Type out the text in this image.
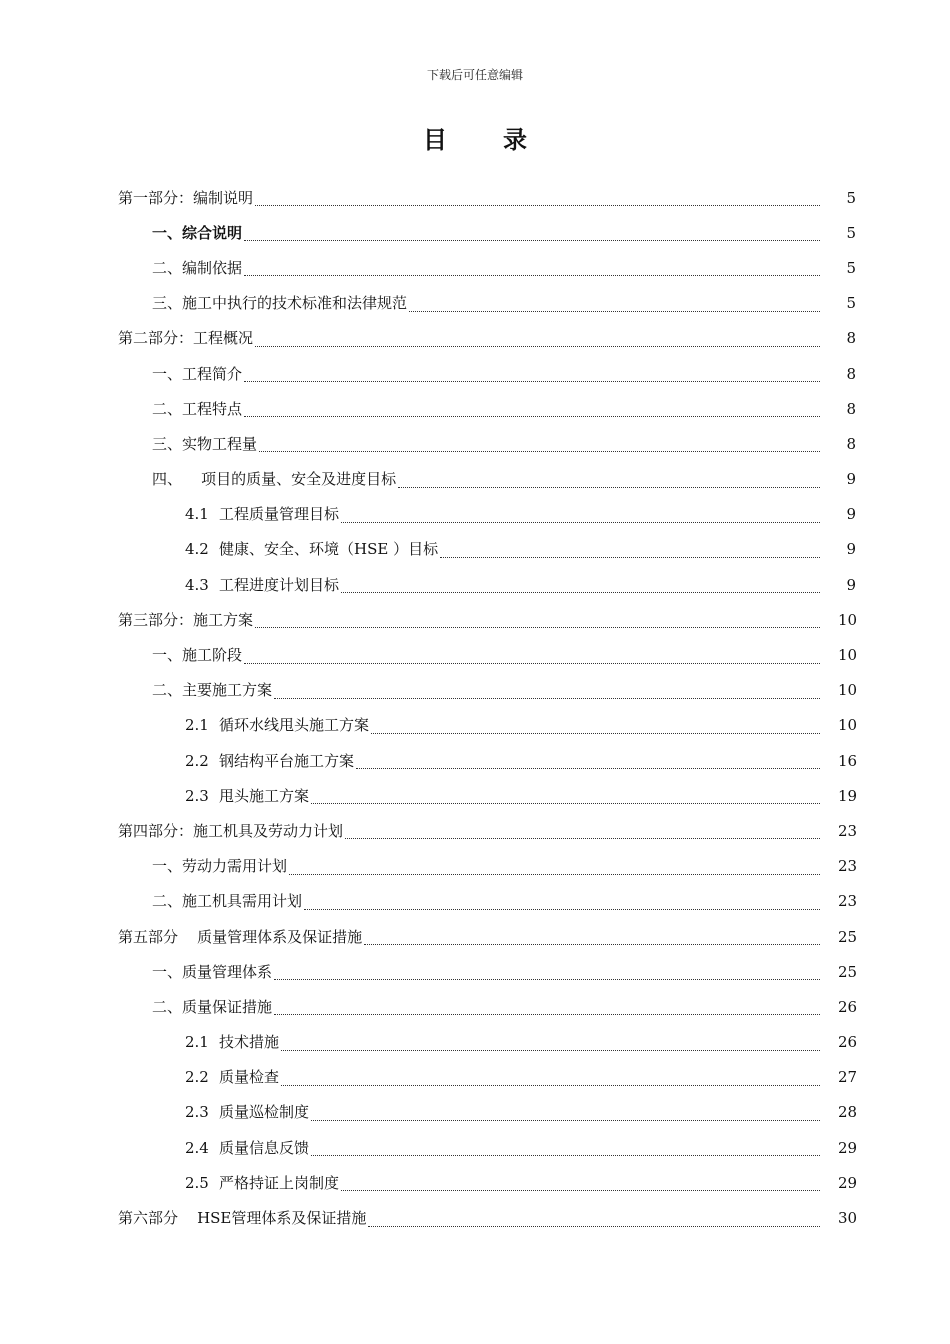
下载后可任意编辑
目 录
第一部分：编制说明	5
一、综合说明	5
二、编制依据	5
三、施工中执行的技术标准和法律规范	5
第二部分：工程概况	8
一、工程简介	8
二、工程特点	8
三、实物工程量	8
四、    项目的质量、安全及进度目标	9
4.1 工程质量管理目标	9
4.2 健康、安全、环境（HSE ）目标	9
4.3 工程进度计划目标	9
第三部分：施工方案	10
一、施工阶段	10
二、主要施工方案	10
2.1 循环水线甩头施工方案	10
2.2 钢结构平台施工方案	16
2.3 甩头施工方案	19
第四部分：施工机具及劳动力计划	23
一、劳动力需用计划	23
二、施工机具需用计划	23
第五部分    质量管理体系及保证措施	25
一、质量管理体系	25
二、质量保证措施	26
2.1 技术措施	26
2.2 质量检查	27
2.3 质量巡检制度	28
2.4 质量信息反馈	29
2.5 严格持证上岗制度	29
第六部分    HSE管理体系及保证措施	30
